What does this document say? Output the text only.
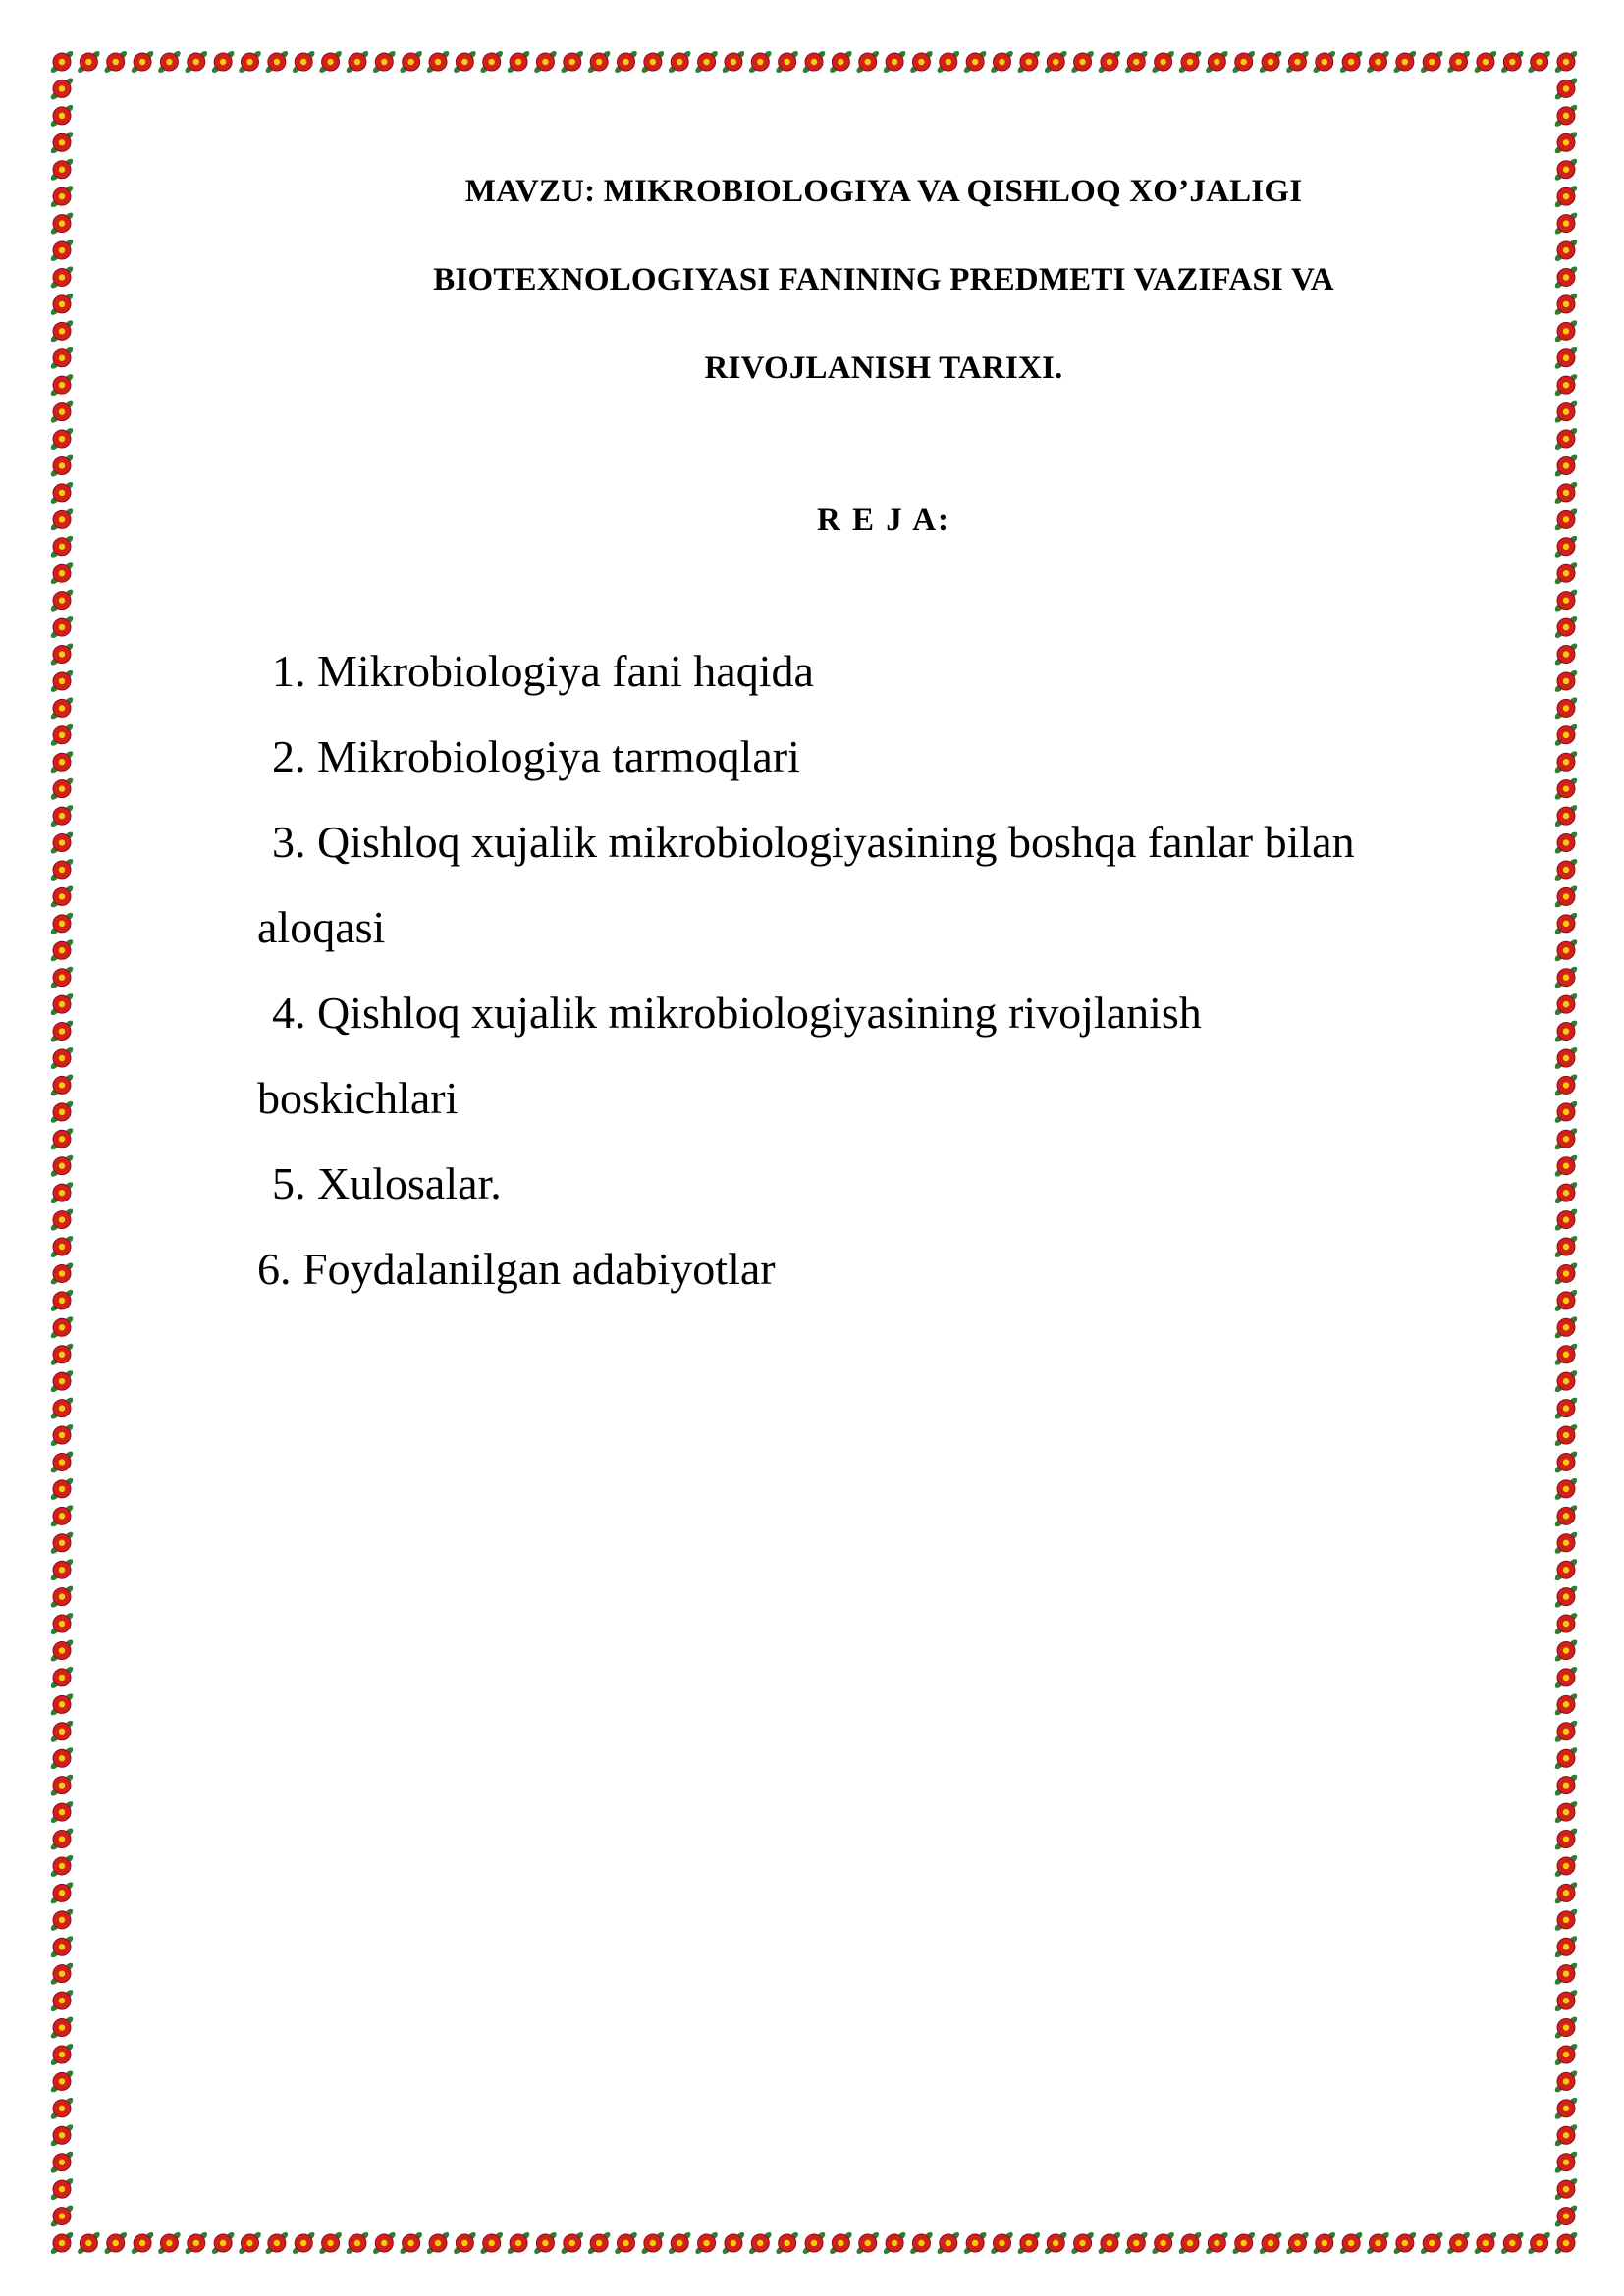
MAVZU: MIKROBIOLOGIYA VA QISHLOQ XO’JALIGI
BIOTEXNOLOGIYASI FANINING PREDMETI VAZIFASI VA
RIVOJLANISH TARIXI.
R E J A:
1. Mikrobiologiya fani haqida
2. Mikrobiologiya tarmoqlari
3. Qishloq xujalik mikrobiologiyasining boshqa fanlar bilan
aloqasi
4. Qishloq xujalik mikrobiologiyasining rivojlanish
boskichlari
5. Xulosalar.
6. Foydalanilgan adabiyotlar
